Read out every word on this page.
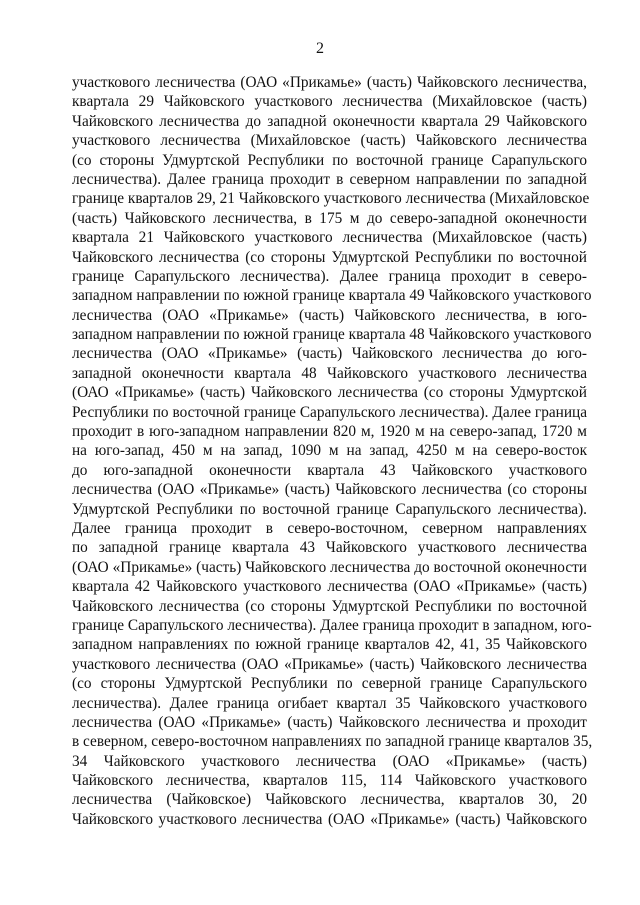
2
участкового лесничества (ОАО «Прикамье» (часть) Чайковского лесничества,
квартала 29 Чайковского участкового лесничества (Михайловское (часть)
Чайковского лесничества до западной оконечности квартала 29 Чайковского
участкового лесничества (Михайловское (часть) Чайковского лесничества
(со стороны Удмуртской Республики по восточной границе Сарапульского
лесничества). Далее граница проходит в северном направлении по западной
границе кварталов 29, 21 Чайковского участкового лесничества (Михайловское
(часть) Чайковского лесничества, в 175 м до северо-западной оконечности
квартала 21 Чайковского участкового лесничества (Михайловское (часть)
Чайковского лесничества (со стороны Удмуртской Республики по восточной
границе Сарапульского лесничества). Далее граница проходит в северо-
западном направлении по южной границе квартала 49 Чайковского участкового
лесничества (ОАО «Прикамье» (часть) Чайковского лесничества, в юго-
западном направлении по южной границе квартала 48 Чайковского участкового
лесничества (ОАО «Прикамье» (часть) Чайковского лесничества до юго-
западной оконечности квартала 48 Чайковского участкового лесничества
(ОАО «Прикамье» (часть) Чайковского лесничества (со стороны Удмуртской
Республики по восточной границе Сарапульского лесничества). Далее граница
проходит в юго-западном направлении 820 м, 1920 м на северо-запад, 1720 м
на юго-запад, 450 м на запад, 1090 м на запад, 4250 м на северо-восток
до юго-западной оконечности квартала 43 Чайковского участкового
лесничества (ОАО «Прикамье» (часть) Чайковского лесничества (со стороны
Удмуртской Республики по восточной границе Сарапульского лесничества).
Далее граница проходит в северо-восточном, северном направлениях
по западной границе квартала 43 Чайковского участкового лесничества
(ОАО «Прикамье» (часть) Чайковского лесничества до восточной оконечности
квартала 42 Чайковского участкового лесничества (ОАО «Прикамье» (часть)
Чайковского лесничества (со стороны Удмуртской Республики по восточной
границе Сарапульского лесничества). Далее граница проходит в западном, юго-
западном направлениях по южной границе кварталов 42, 41, 35 Чайковского
участкового лесничества (ОАО «Прикамье» (часть) Чайковского лесничества
(со стороны Удмуртской Республики по северной границе Сарапульского
лесничества). Далее граница огибает квартал 35 Чайковского участкового
лесничества (ОАО «Прикамье» (часть) Чайковского лесничества и проходит
в северном, северо-восточном направлениях по западной границе кварталов 35,
34 Чайковского участкового лесничества (ОАО «Прикамье» (часть)
Чайковского лесничества, кварталов 115, 114 Чайковского участкового
лесничества (Чайковское) Чайковского лесничества, кварталов 30, 20
Чайковского участкового лесничества (ОАО «Прикамье» (часть) Чайковского
